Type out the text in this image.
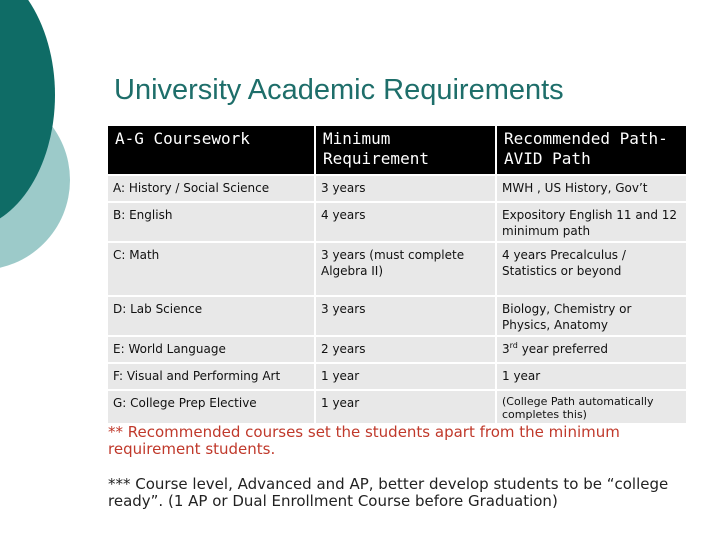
University Academic Requirements
A-G Coursework	Minimum Requirement	Recommended Path- AVID Path
A: History / Social Science	3 years	MWH , US History, Gov’t
B: English	4 years	Expository English 11 and 12 minimum path
C: Math	3 years (must complete Algebra II)	4 years Precalculus / Statistics or beyond
D: Lab Science	3 years	Biology, Chemistry or Physics, Anatomy
E: World Language	2 years	3rd year preferred
F: Visual and Performing Art	1 year	1 year
G: College Prep Elective	1 year	(College Path automatically completes this)
** Recommended courses set the students apart from the minimum requirement students.
*** Course level, Advanced and AP, better develop students to be “college ready”. (1 AP or Dual Enrollment Course before Graduation)
